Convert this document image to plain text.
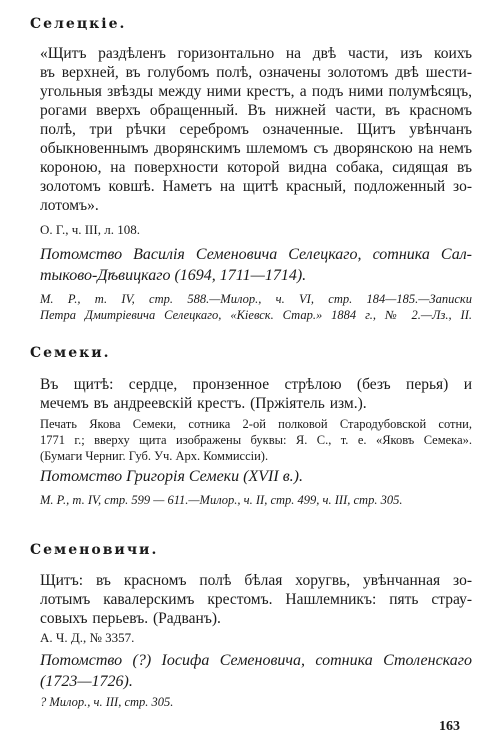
Селецкiе.
«Щитъ раздѣленъ горизонтально на двѣ части, изъ коихъ
въ верхней, въ голубомъ полѣ, означены золотомъ двѣ шести-
угольныя звѣзды между ними крестъ, а подъ ними полумѣсяцъ,
рогами вверхъ обращенный. Въ нижней части, въ красномъ
полѣ, три рѣчки серебромъ означенные. Щитъ увѣнчанъ
обыкновеннымъ дворянскимъ шлемомъ съ дворянскою на немъ
короною, на поверхности которой видна собака, сидящая въ
золотомъ ковшѣ. Наметъ на щитѣ красный, подложенный зо-
лотомъ».
О. Г., ч. III, л. 108.
Потомство Василiя Семеновича Селецкаго, сотника Сал-
тыково-Дѣвицкаго (1694, 1711—1714).
М. Р., т. IV, стр. 588.—Милор., ч. VI, стр. 184—185.—Записки
Петра Дмитрiевича Селецкаго, «Кiевск. Стар.» 1884 г., № 2.—Лз., II.
Семеки.
Въ щитѣ: сердце, пронзенное стрѣлою (безъ перья) и
мечемъ въ андреевскiй крестъ. (Пржiятель изм.).
Печать Якова Семеки, сотника 2-ой полковой Стародубовской сотни,
1771 г.; вверху щита изображены буквы: Я. С., т. е. «Яковъ Семека».
(Бумаги Черниг. Губ. Уч. Арх. Коммиссiи).
Потомство Григорiя Семеки (XVII в.).
М. Р., т. IV, стр. 599 — 611.—Милор., ч. II, стр. 499, ч. III, стр. 305.
Семеновичи.
Щитъ: въ красномъ полѣ бѣлая хоругвь, увѣнчанная зо-
лотымъ кавалерскимъ крестомъ. Нашлемникъ: пять страу-
совыхъ перьевъ. (Радванъ).
А. Ч. Д., № 3357.
Потомство (?) Iосифа Семеновича, сотника Столенскаго
(1723—1726).
? Милор., ч. III, стр. 305.
163
